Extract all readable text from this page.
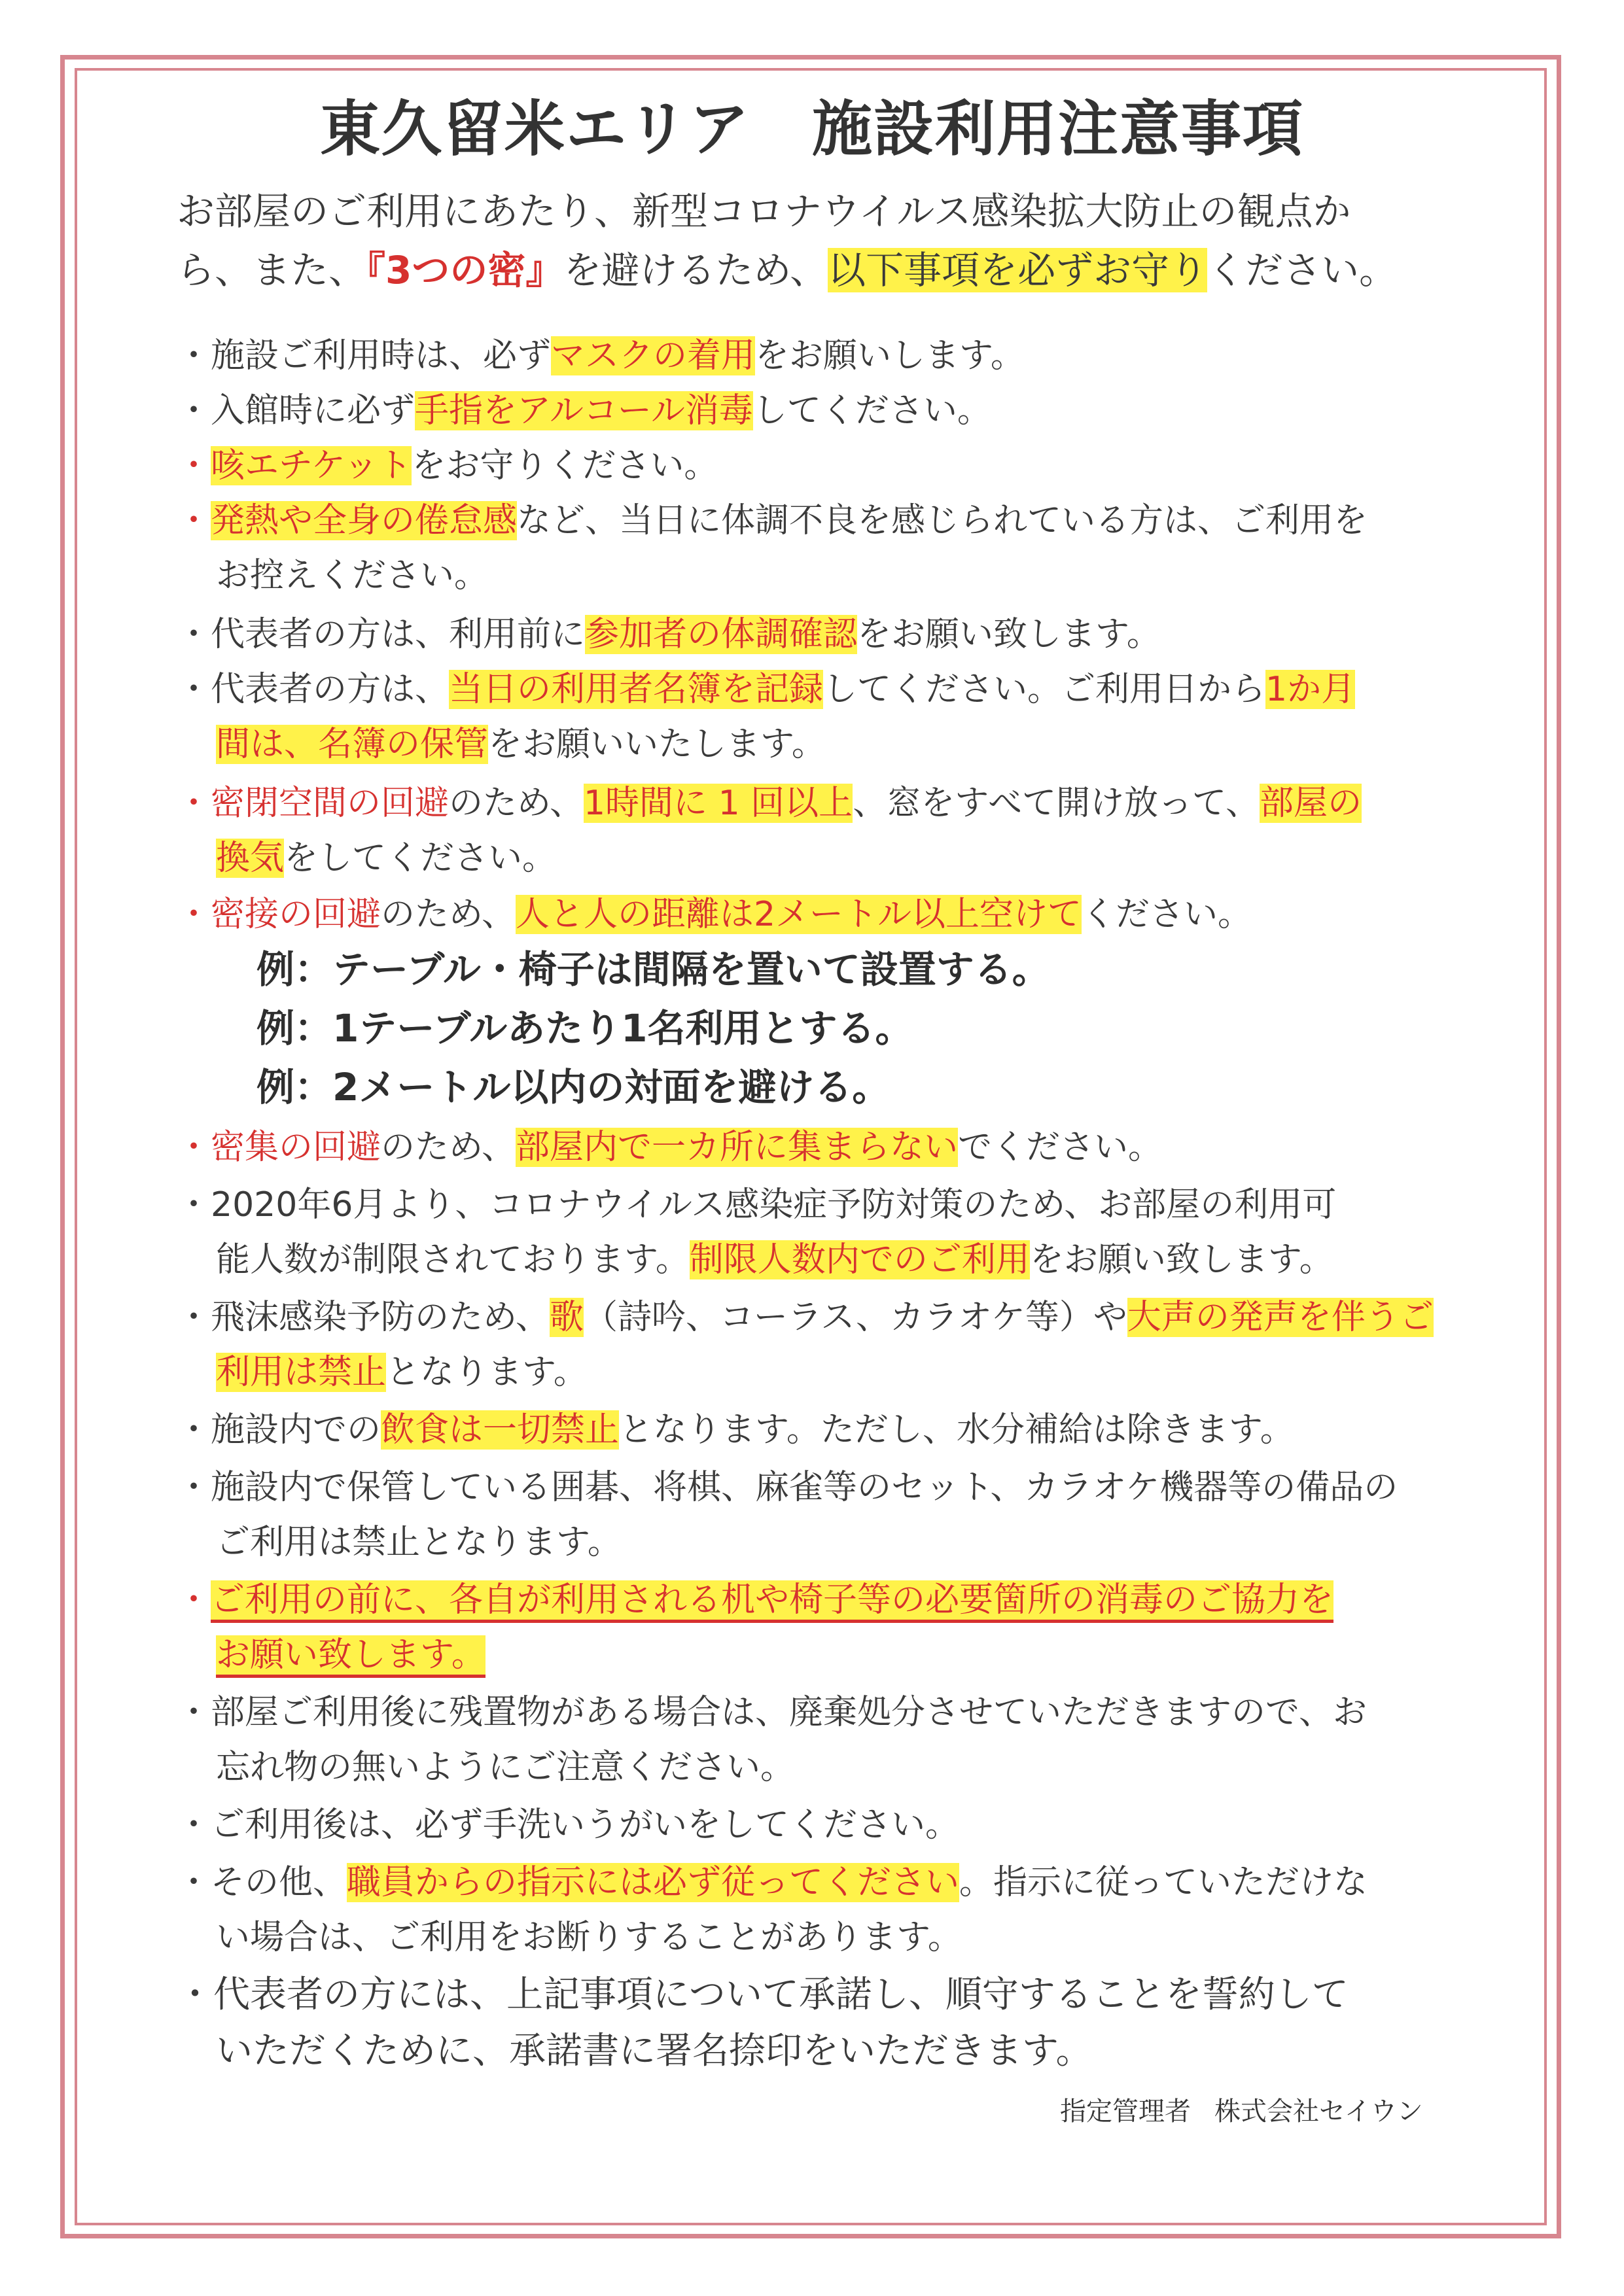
東久留米エリア　施設利用注意事項
お部屋のご利用にあたり、新型コロナウイルス感染拡大防止の観点か
ら、また、『3つの密』を避けるため、以下事項を必ずお守りください。
・施設ご利用時は、必ずマスクの着用をお願いします。
・入館時に必ず手指をアルコール消毒してください。
・咳エチケットをお守りください。
・発熱や全身の倦怠感など、当日に体調不良を感じられている方は、ご利用を
お控えください。
・代表者の方は、利用前に参加者の体調確認をお願い致します。
・代表者の方は、当日の利用者名簿を記録してください。ご利用日から1か月
間は、名簿の保管をお願いいたします。
・密閉空間の回避のため、1時間に 1 回以上、窓をすべて開け放って、部屋の
換気をしてください。
・密接の回避のため、人と人の距離は2メートル以上空けてください。
例：テーブル・椅子は間隔を置いて設置する。
例：1テーブルあたり1名利用とする。
例：2メートル以内の対面を避ける。
・密集の回避のため、部屋内で一カ所に集まらないでください。
・2020年6月より、コロナウイルス感染症予防対策のため、お部屋の利用可
能人数が制限されております。制限人数内でのご利用をお願い致します。
・飛沫感染予防のため、歌（詩吟、コーラス、カラオケ等）や大声の発声を伴うご
利用は禁止となります。
・施設内での飲食は一切禁止となります。ただし、水分補給は除きます。
・施設内で保管している囲碁、将棋、麻雀等のセット、カラオケ機器等の備品の
ご利用は禁止となります。
・ご利用の前に、各自が利用される机や椅子等の必要箇所の消毒のご協力を
お願い致します。
・部屋ご利用後に残置物がある場合は、廃棄処分させていただきますので、お
忘れ物の無いようにご注意ください。
・ご利用後は、必ず手洗いうがいをしてください。
・その他、職員からの指示には必ず従ってください。指示に従っていただけな
い場合は、ご利用をお断りすることがあります。
・代表者の方には、上記事項について承諾し、順守することを誓約して
いただくために、承諾書に署名捺印をいただきます。
指定管理者 株式会社セイウン
